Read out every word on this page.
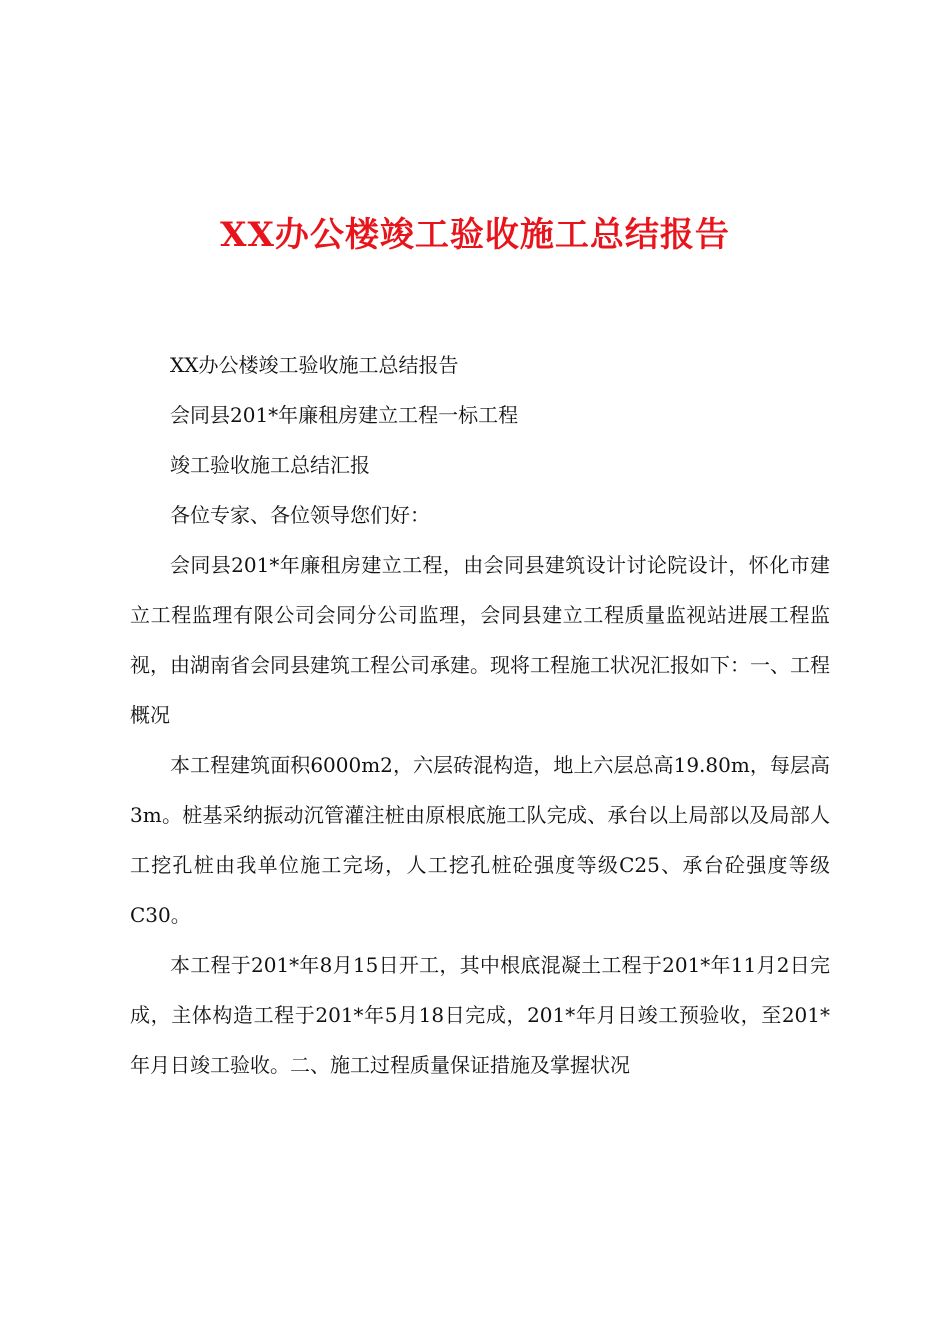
XX办公楼竣工验收施工总结报告

XX办公楼竣工验收施工总结报告

会同县201*年廉租房建立工程一标工程

竣工验收施工总结汇报

各位专家、各位领导您们好：

会同县201*年廉租房建立工程，由会同县建筑设计讨论院设计，怀化市建立工程监理有限公司会同分公司监理，会同县建立工程质量监视站进展工程监视，由湖南省会同县建筑工程公司承建。现将工程施工状况汇报如下：一、工程概况

本工程建筑面积6000m2，六层砖混构造，地上六层总高19.80m，每层高3m。桩基采纳振动沉管灌注桩由原根底施工队完成、承台以上局部以及局部人工挖孔桩由我单位施工完场，人工挖孔桩砼强度等级C25、承台砼强度等级C30。

本工程于201*年8月15日开工，其中根底混凝土工程于201*年11月2日完成，主体构造工程于201*年5月18日完成，201*年月日竣工预验收，至201*年月日竣工验收。二、施工过程质量保证措施及掌握状况
